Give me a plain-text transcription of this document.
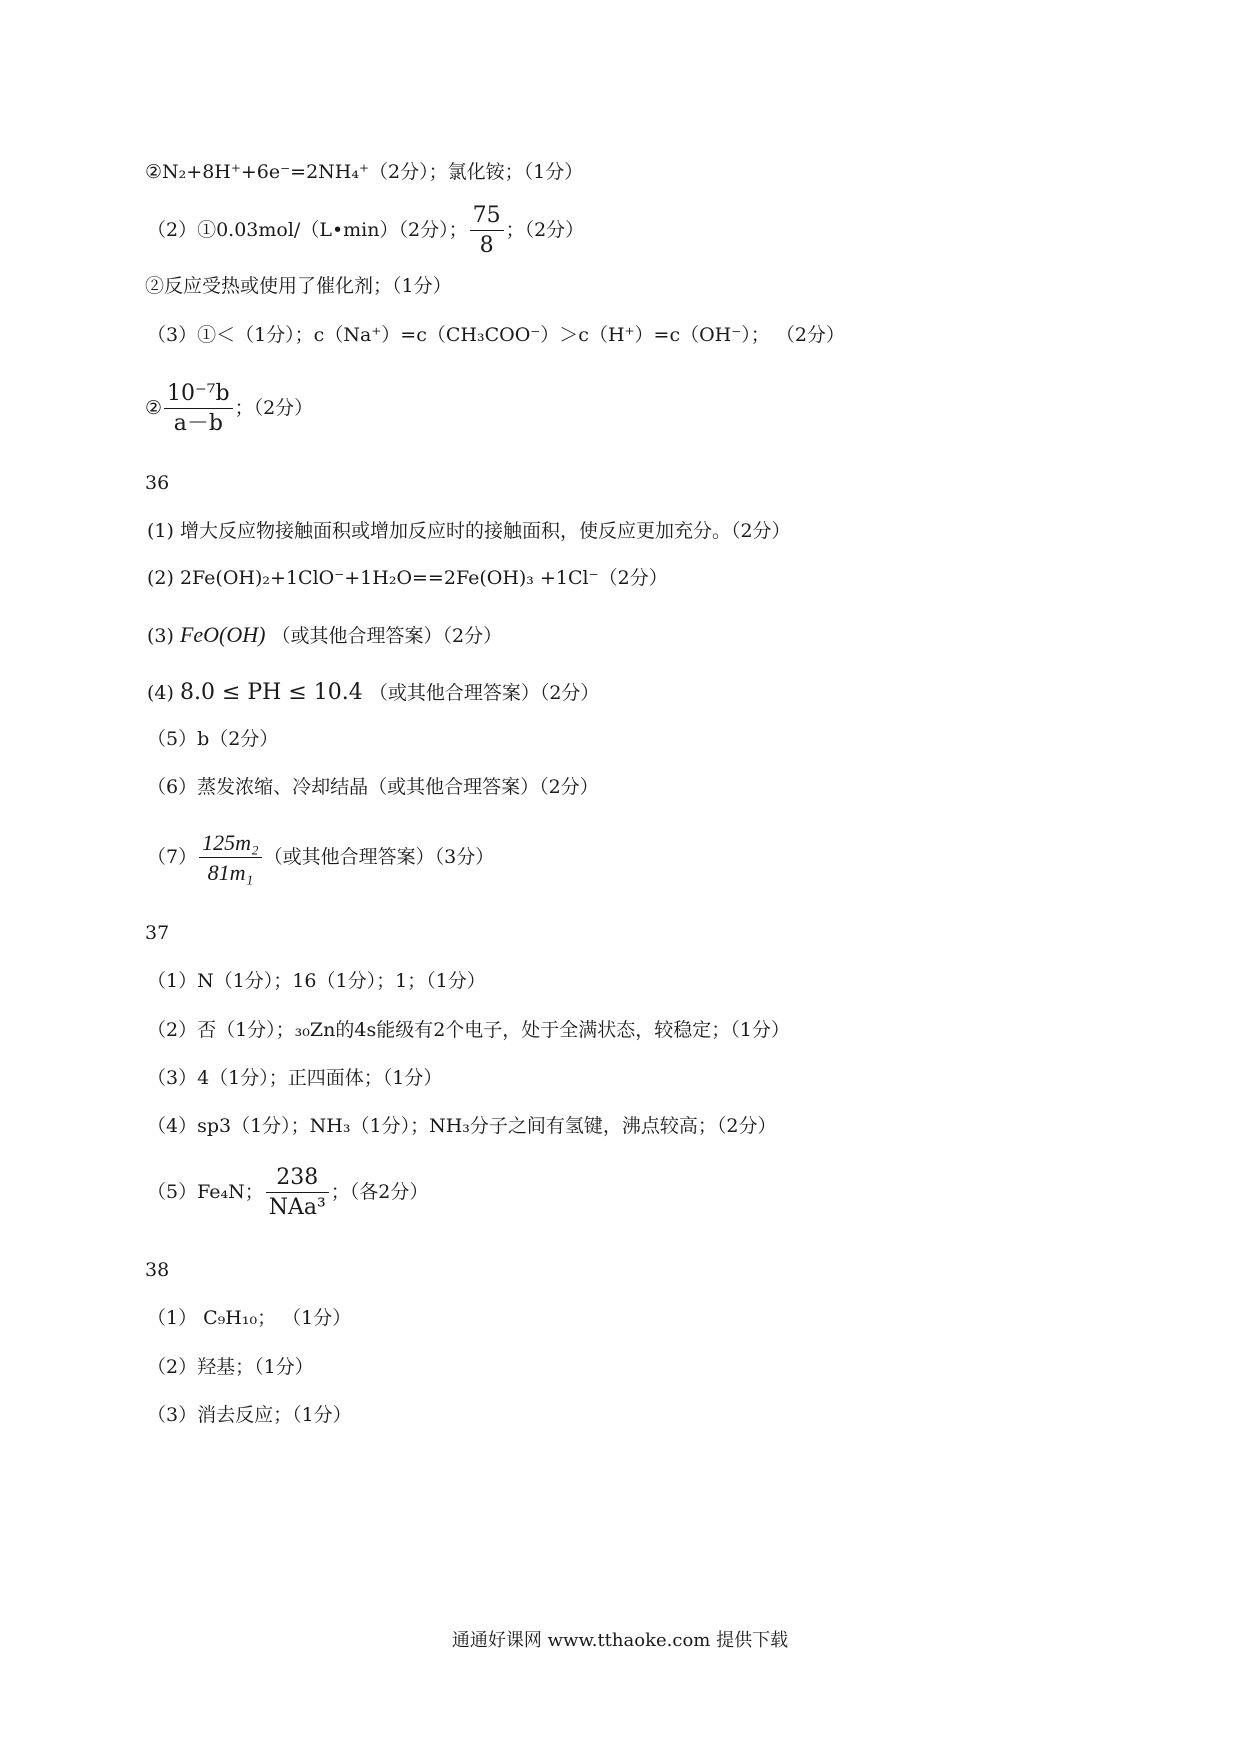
②N₂+8H⁺+6e⁻=2NH₄⁺（2分）；氯化铵；（1分）
（2）①0.03mol/（L•min）（2分）； $\frac{75}{8}$ ；（2分）
②反应受热或使用了催化剂；（1分）
（3）①＜（1分）；c（Na⁺）=c（CH₃COO⁻）＞c（H⁺）=c（OH⁻）； （2分）
② $\frac{\text{10⁻⁷b}}{a-b}$ ；（2分）
36
(1) 增大反应物接触面积或增加反应时的接触面积，使反应更加充分。（2分）
(2) 2Fe(OH)₂+1ClO⁻+1H₂O==2Fe(OH)₃ +1Cl⁻（2分）
(3) FeO(OH) （或其他合理答案）（2分）
(4) 8.0 ≤ PH ≤ 10.4 （或其他合理答案）（2分）
（5）b（2分）
（6）蒸发浓缩、冷却结晶（或其他合理答案）（2分）
$(7) \frac{\text{125m₂}}{\text{81m₁}}$ （或其他合理答案）（3分）
37
（1）N（1分）；16（1分）；1；（1分）
（2）否（1分）；₃₀Zn的4s能级有2个电子，处于全满状态，较稳定；（1分）
（3）4（1分）；正四面体；（1分）
（4）sp3（1分）；NH₃（1分）；NH₃分子之间有氢键，沸点较高；（2分）
（5）Fe₄N； $\frac{238}{\text{NAa³}}$ ；（各2分）
38
（1） C₉H₁₀； （1分）
（2）羟基；（1分）
（3）消去反应；（1分）
通通好课网 www.tthaoke.com 提供下载
